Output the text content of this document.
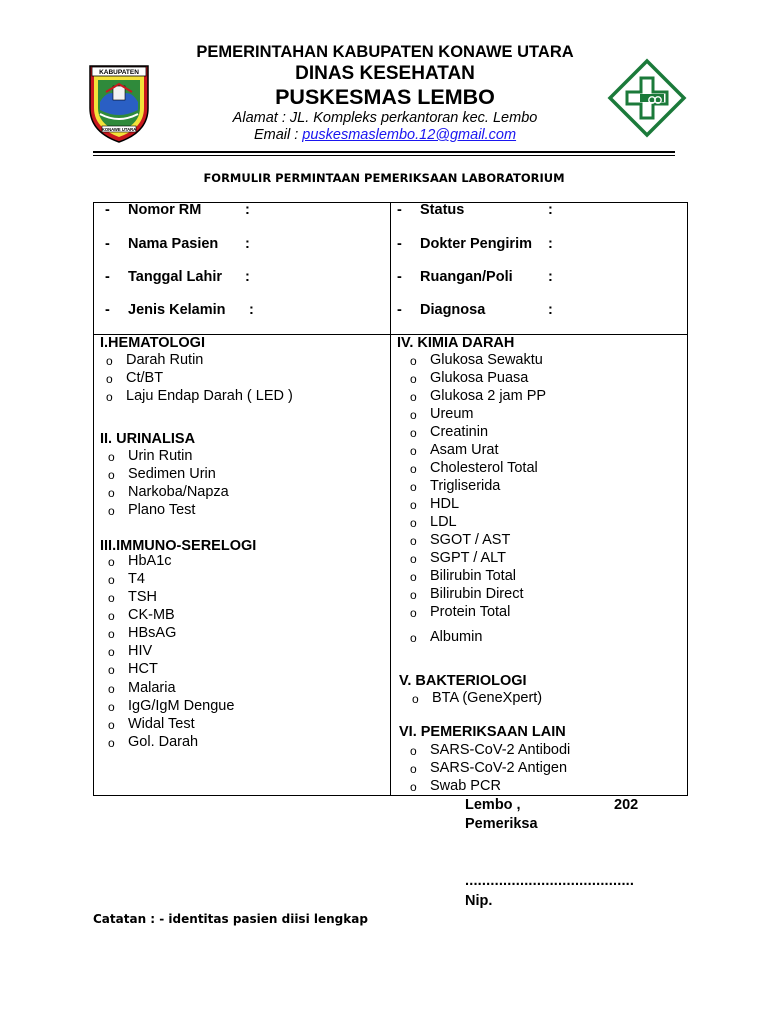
KABUPATEN
KONAWE UTARA
PEMERINTAHAN KABUPATEN KONAWE UTARA
DINAS KESEHATAN
PUSKESMAS LEMBO
Alamat : JL. Kompleks perkantoran kec. Lembo
Email : puskesmaslembo.12@gmail.com
FORMULIR PERMINTAAN PEMERIKSAAN LABORATORIUM
- Nomor RM	:
- Nama Pasien :
- Tanggal Lahir :
- Jenis Kelamin :
- Status	:
- Dokter Pengirim :
- Ruangan/Poli :
- Diagnosa	:
I.HEMATOLOGI
o Darah Rutin
o Ct/BT
o Laju Endap Darah ( LED )
II. URINALISA
o Urin Rutin
o Sedimen Urin
o Narkoba/Napza
o Plano Test
III.IMMUNO-SERELOGI
o HbA1c
o T4
o TSH
o CK-MB
o HBsAG
o HIV
o HCT
o Malaria
o IgG/IgM Dengue
o Widal Test
o Gol. Darah
IV. KIMIA DARAH
o Glukosa Sewaktu
o Glukosa Puasa
o Glukosa 2 jam PP
o Ureum
o Creatinin
o Asam Urat
o Cholesterol Total
o Trigliserida
o HDL
o LDL
o SGOT / AST
o SGPT / ALT
o Bilirubin Total
o Bilirubin Direct
o Protein Total
o Albumin
V. BAKTERIOLOGI
o BTA (GeneXpert)
VI. PEMERIKSAAN LAIN
o SARS-CoV-2 Antibodi
o SARS-CoV-2 Antigen
o Swab PCR
Lembo ,	202
Pemeriksa
........................................
Nip.
Catatan : - identitas pasien diisi lengkap
